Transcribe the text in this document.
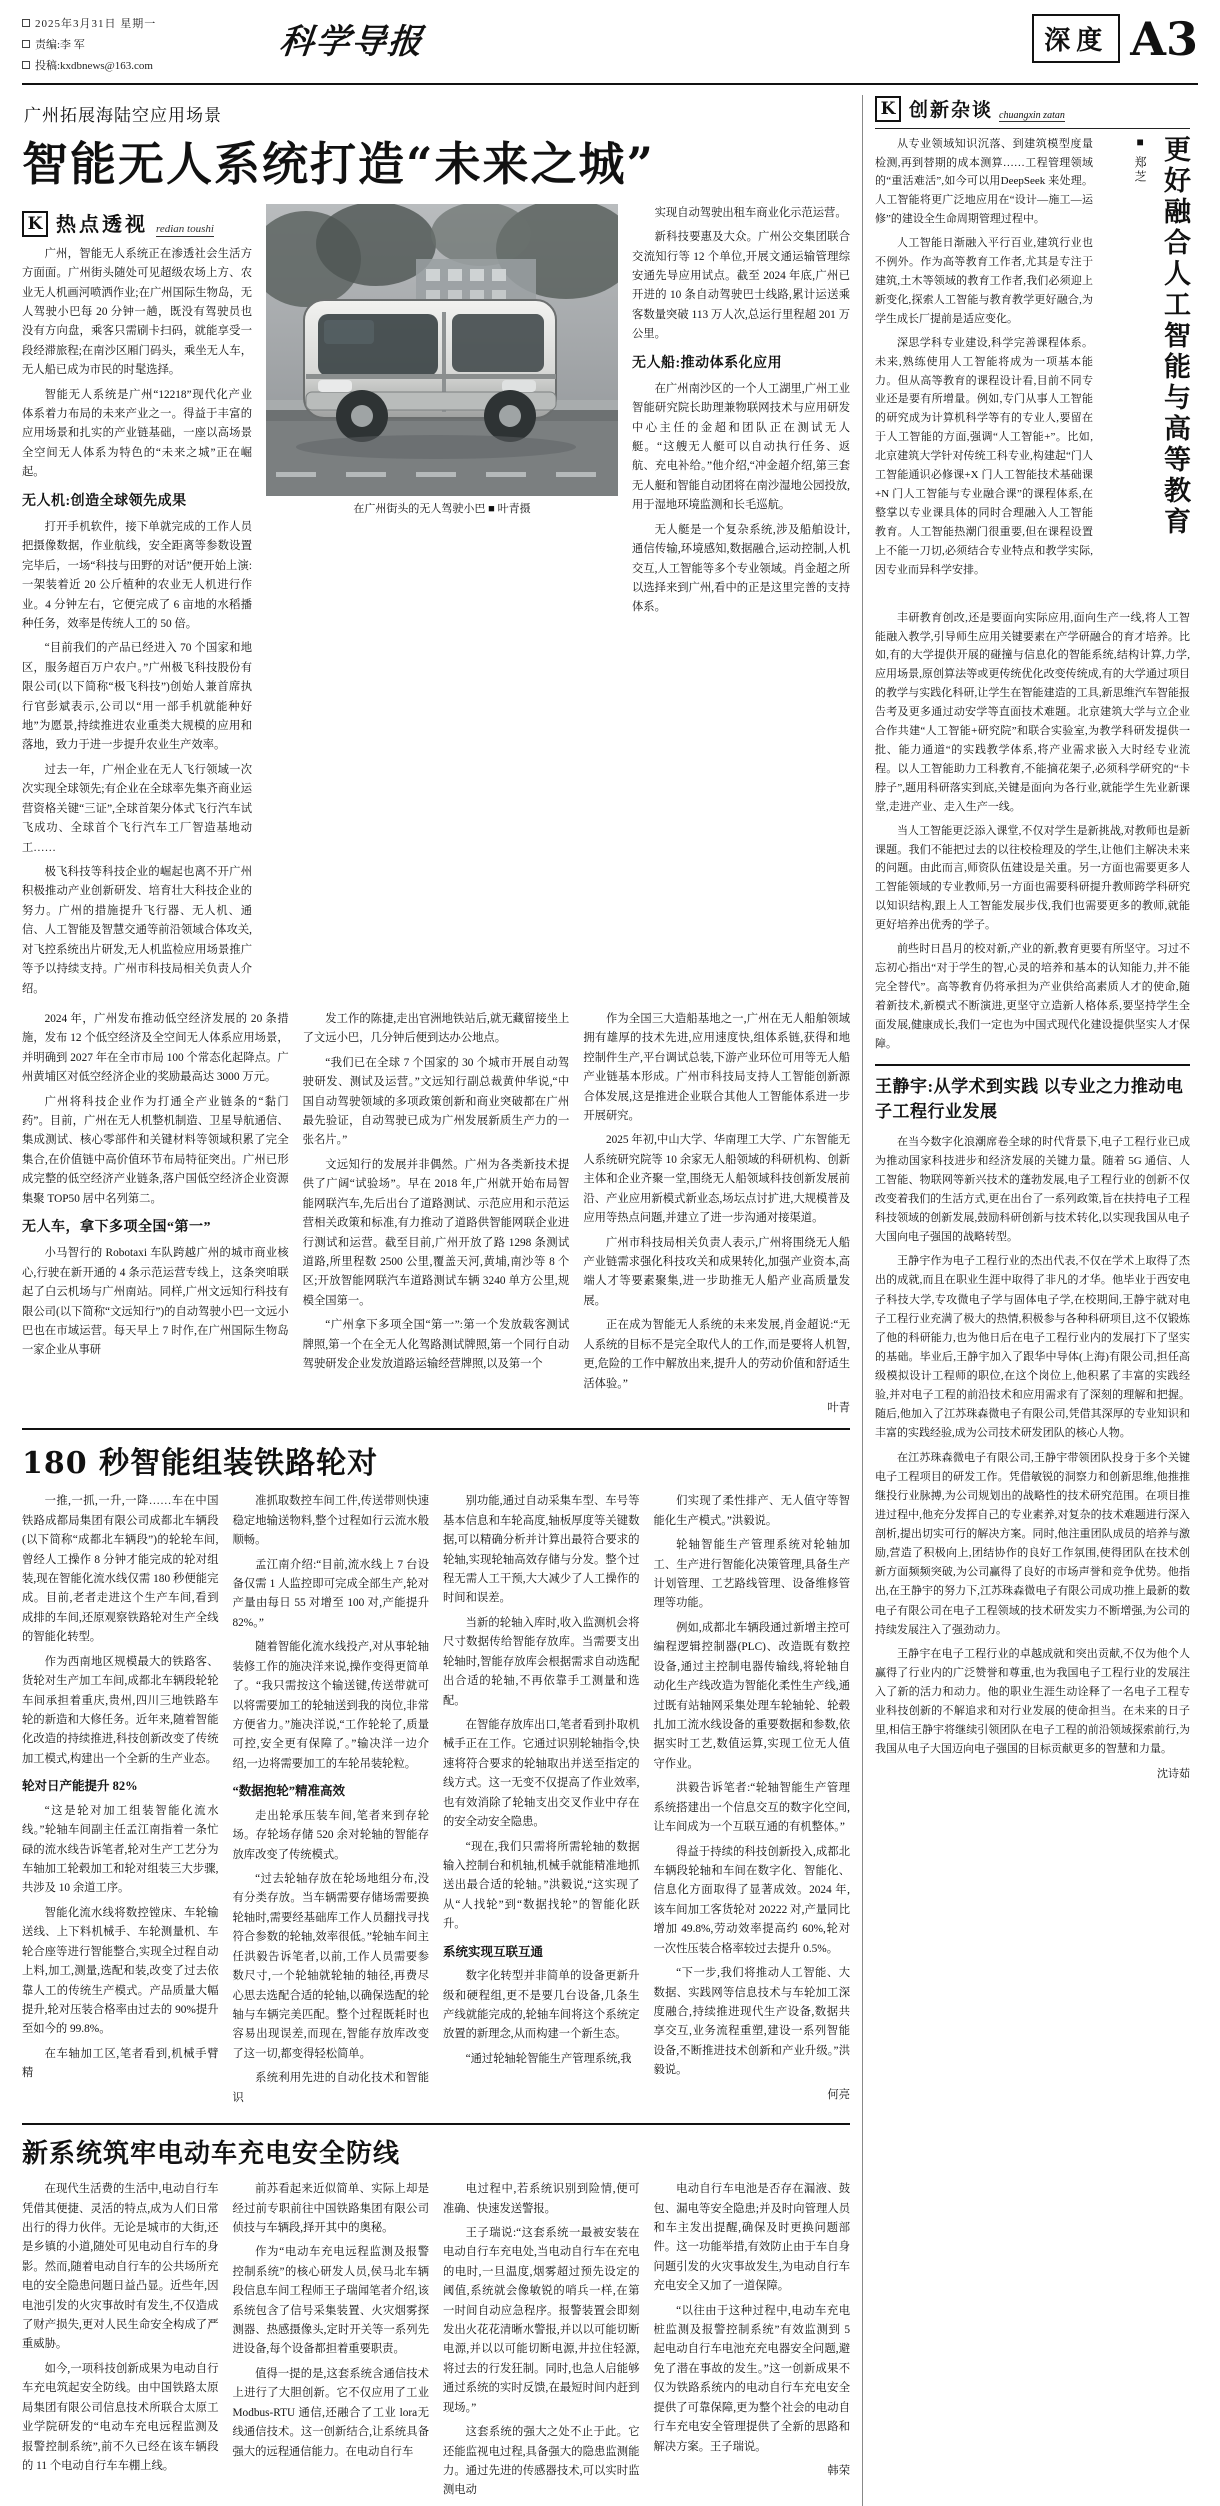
2025年3月31日 星期一
责编:李 军
投稿:kxdbnews@163.com
科学导报	深度 A3
广州拓展海陆空应用场景
智能无人系统打造“未来之城”
K 热点透视 redian toushi

广州，智能无人系统正在渗透社会生活方方面面。广州街头随处可见超级农场上方、农业无人机画河喷洒作业;在广州国际生物岛，无人驾驶小巴每 20 分钟一趟，既没有驾驶员也没有方向盘，乘客只需刷卡扫码，就能享受一段经滞旅程;在南沙区厢门码头，乘坐无人车，无人船已成为市民的时髦选择。

智能无人系统是广州“12218”现代化产业体系着力布局的未来产业之一。得益于丰富的应用场景和扎实的产业链基础，一座以高场景全空间无人体系为特色的“未来之城”正在崛起。

无人机:创造全球领先成果

打开手机软件，接下单就完成的工作人员把摄像数据，作业航线，安全距离等参数设置完毕后，一场“科技与田野的对话”便开始上演:一架装着近 20 公斤植种的农业无人机进行作业。4 分钟左右，它便完成了 6 亩地的水稻播种任务，效率是传统人工的 50 倍。

“目前我们的产品已经进入 70 个国家和地区，服务超百万户农户。”广州极飞科技股份有限公司(以下简称“极飞科技”)创始人兼首席执行官彭斌表示,公司以“用一部手机就能种好地”为愿景,持续推进农业重类大规模的应用和落地，致力于进一步提升农业生产效率。

过去一年，广州企业在无人飞行领域一次次实现全球领先;有企业在全球率先集齐商业运营资格关键“三证”,全球首架分体式飞行汽车试飞成功、全球首个飞行汽车工厂智造基地动工……

极飞科技等科技企业的崛起也离不开广州积极推动产业创新研发、培育壮大科技企业的努力。广州的措施提升飞行器、无人机、通信、人工智能及智慧交通等前沿领域合体攻关,对飞控系统出片研发,无人机监检应用场景推广等予以持续支持。广州市科技局相关负责人介绍。

在广州街头的无人驾驶小巴 ■ 叶青摄

实现自动驾驶出租车商业化示范运营。

新科技要惠及大众。广州公交集团联合交流知行等 12 个单位,开展文通运输管理综安通先导应用试点。截至 2024 年底,广州已开进的 10 条自动驾驶巴士线路,累计运送乘客数量突破 113 万人次,总运行里程超 201 万公里。

无人船:推动体系化应用

在广州南沙区的一个人工湖里,广州工业智能研究院长助理兼物联网技术与应用研发中心主任的金超和团队正在测试无人艇。“这艘无人艇可以自动执行任务、返航、充电补给。”他介绍,“冲金超介绍,第三套无人艇和智能自动团将在南沙湿地公园投放,用于湿地环境监测和长毛巡航。

无人艇是一个复杂系统,涉及船舶设计,通信传输,环境感知,数据融合,运动控制,人机交互,人工智能等多个专业领域。肖金超之所以选择来到广州,看中的正是这里完善的支持体系。

2024 年，广州发布推动低空经济发展的 20 条措施，发布 12 个低空经济及全空间无人体系应用场景，并明确到 2027 年在全市市局 100 个常态化起降点。广州黄埔区对低空经济企业的奖励最高达 3000 万元。

广州将科技企业作为打通全产业链条的“黏门药”。目前，广州在无人机整机制造、卫星导航通信、集成测试、核心零部件和关键材料等领域积累了完全集合,在价值链中高价值环节布局特征突出。广州已形成完整的低空经济产业链条,落户国低空经济企业资源集聚 TOP50 居中名列第二。

无人车，拿下多项全国“第一”

小马智行的 Robotaxi 车队跨越广州的城市商业核心,行驶在新开通的 4 条示范运营专线上，这条突咱联起了白云机场与广州南站。同样,广州文远知行科技有限公司(以下简称“文远知行”)的自动驾驶小巴一文远小巴也在市域运营。每天早上 7 时作,在广州国际生物岛一家企业从事研

发工作的陈捷,走出官洲地铁站后,就无藏留接坐上了文远小巴，几分钟后便到达办公地点。

“我们已在全球 7 个国家的 30 个城市开展自动驾驶研发、测试及运营。”文远知行副总裁黄仲华说,“中国自动驾驶领域的多项政策创新和商业突破都在广州最先验证，自动驾驶已成为广州发展新质生产力的一张名片。”

文远知行的发展并非偶然。广州为各类新技术提供了广阔“试验场”。早在 2018 年,广州就开始布局智能网联汽车,先后出台了道路测试、示范应用和示范运营相关政策和标准,有力推动了道路供智能网联企业进行测试和运营。截至目前,广州开放了路 1298 条测试道路,所里程数 2500 公里,覆盖天河,黄埔,南沙等 8 个区;开放智能网联汽车道路测试车辆 3240 单方公里,规模全国第一。

“广州拿下多项全国“第一”:第一个发放载客测试牌照,第一个在全无人化驾路测试牌照,第一个同行自动驾驶研发企业发放道路运输经营牌照,以及第一个

作为全国三大造船基地之一,广州在无人船舶领域拥有雄厚的技术先进,应用速度快,组体系链,获得和地控制件生产,平台调试总装,下游产业环位可用等无人船产业链基本形成。广州市科技局支持人工智能创新源合体发展,这是推进企业联合其他人工智能体系进一步开展研究。

2025 年初,中山大学、华南理工大学、广东智能无人系统研究院等 10 余家无人船领域的科研机构、创新主体和企业齐聚一堂,围绕无人船领域科技创新发展前沿、产业应用新模式新业态,场坛点讨扩进,大规模普及应用等热点问题,并建立了进一步沟通对接渠道。

广州市科技局相关负责人表示,广州将围绕无人船产业链需求强化科技攻关和成果转化,加强产业资本,高端人才等要素聚集,进一步助推无人船产业高质量发展。

正在成为智能无人系统的未来发展,肖金超说:“无人系统的目标不是完全取代人的工作,而是要将人机智,更,危险的工作中解放出来,提升人的劳动价值和舒适生活体验。”

叶青
180 秒智能组装铁路轮对

一推,一抓,一升,一降……车在中国铁路成都局集团有限公司成都北车辆段(以下简称“成都北车辆段”)的轮轮车间,曾经人工操作 8 分钟才能完成的轮对组装,现在智能化流水线仅需 180 秒便能完成。目前,老者走进这个生产车间,看到成排的车间,还原观察铁路轮对生产全线的智能化转型。

作为西南地区规模最大的铁路客、货轮对生产加工车间,成都北车辆段轮轮车间承担着重庆,贵州,四川三地铁路车轮的新造和大修任务。近年来,随着智能化改造的持续推进,科技创新改变了传统加工模式,构建出一个全新的生产业态。

轮对日产能提升 82%

“这是轮对加工组装智能化流水线。”轮轴车间副主任孟江南指着一条忙碌的流水线告诉笔者,轮对生产工艺分为车轴加工轮毂加工和轮对组装三大步骤,共涉及 10 余道工序。

智能化流水线将数控镗床、车轮输送线、上下料机械手、车轮测量机、车轮合座等进行智能整合,实现全过程自动上料,加工,测量,选配和装,改变了过去依靠人工的传统生产模式。产品质量大幅提升,轮对压装合格率由过去的 90%提升至如今的 99.8%。

在车轴加工区,笔者看到,机械手臂精

准抓取数控车间工件,传送带则快速稳定地输送物料,整个过程如行云流水般顺畅。

孟江南介绍:“目前,流水线上 7 台设备仅需 1 人监控即可完成全部生产,轮对产量由每日 55 对增至 100 对,产能提升 82%。”

随着智能化流水线投产,对从事轮轴装修工作的施决洋来说,操作变得更简单了。“我只需按这个输送键,传送带就可以将需要加工的轮轴送到我的岗位,非常方便省力。”施决洋说,“工作轮轮了,质量可控,安全更有保障了。”输决洋一边介绍,一边将需要加工的车轮吊装轮粒。

“数据抱轮”精准高效

走出轮承压装车间,笔者来到存轮场。存轮场存储 520 余对轮轴的智能存放库改变了传统模式。

“过去轮轴存放在轮场地组分布,没有分类存放。当车辆需要存储场需要换轮轴时,需要经基础库工作人员翻找寻找符合参数的轮轴,效率很低。”轮轴车间主任洪毅告诉笔者,以前,工作人员需要参数尺寸,一个轮轴就轮轴的轴径,再费尽心思去选配合适的轮轴,以确保选配的轮轴与车辆完美匹配。整个过程既耗时也容易出现误差,而现在,智能存放库改变了这一切,都变得轻松简单。

系统利用先进的自动化技术和智能识

别功能,通过自动采集车型、车号等基本信息和车轮高度,轴板厚度等关键数据,可以精确分析并计算出最符合要求的轮轴,实现轮轴高效存储与分发。整个过程无需人工干预,大大减少了人工操作的时间和误差。

当新的轮轴入库时,收入监测机会将尺寸数据传给智能存放库。当需要支出轮轴时,智能存放库会根据需求自动选配出合适的轮轴,不再依靠手工测量和选配。

在智能存放库出口,笔者看到扑取机械手正在工作。它通过识别轮轴指令,快速将符合要求的轮轴取出并送至指定的线方式。这一无变不仅提高了作业效率,也有效消除了轮轴支出交叉作业中存在的安全动安全隐患。

“现在,我们只需将所需轮轴的数据输入控制台和机轴,机械手就能精准地抓送出最合适的轮轴。”洪毅说,“这实现了从“人找轮”到“数据找轮”的智能化跃升。

系统实现互联互通

数字化转型并非简单的设备更新升级和硬程组,更不是要几台设备,几条生产线就能完成的,轮轴车间将这个系统定放置的新理念,从而构建一个新生态。

“通过轮轴轮智能生产管理系统,我

们实现了柔性排产、无人值守等智能化生产模式。”洪毅说。

轮轴智能生产管理系统对轮轴加工、生产进行智能化决策管理,具备生产计划管理、工艺路线管理、设备维修管理等功能。

例如,成都北车辆段通过新增主控可编程逻辑控制器(PLC)、改造既有数控设备,通过主控制电器传输线,将轮轴自动化生产线改造为智能化柔性生产线,通过既有站轴网采集处理车轮轴轮、轮毂扎加工流水线设备的重要数据和参数,依据实时工艺,数值运算,实现工位无人值守作业。

洪毅告诉笔者:“轮轴智能生产管理系统搭建出一个信息交互的数字化空间,让车间成为一个互联互通的有机整体。”

得益于持续的科技创新投入,成都北车辆段轮轴和车间在数字化、智能化、信息化方面取得了显著成效。2024 年,该车间加工客货轮对 20222 对,产量同比增加 49.8%,劳动效率提高约 60%,轮对一次性压装合格率较过去提升 0.5%。

“下一步,我们将推动人工智能、大数据、实践网等信息技术与车轮加工深度融合,持续推进现代生产设备,数据共享交互,业务流程重塑,建设一系列智能设备,不断推进技术创新和产业升级。”洪毅说。

何亮
新系统筑牢电动车充电安全防线

在现代生活费的生活中,电动自行车凭借其便捷、灵活的特点,成为人们日常出行的得力伙伴。无论是城市的大街,还是乡镇的小道,随处可见电动自行车的身影。然而,随着电动自行车的公共场所充电的安全隐患问题日益凸显。近些年,因电池引发的火灾事故时有发生,不仅造成了财产损失,更对人民生命安全构成了严重威胁。

如今,一项科技创新成果为电动自行车充电筑起安全防线。由中国铁路太原局集团有限公司信息技术所联合太原工业学院研发的“电动车充电远程监测及报警控制系统”,前不久已经在该车辆段的 11 个电动自行车车棚上线。

前苏看起来近似简单、实际上却是经过前专职前往中国铁路集团有限公司侦技与车辆段,择开其中的奥秘。

作为“电动车充电远程监测及报警控制系统”的核心研发人员,侯马北车辆段信息车间工程师王子瑞闻笔者介绍,该系统包含了信号采集装置、火灾烟雾探测器、热感摄像头,定时开关等一系列先进设备,每个设备都担着重要职责。

值得一提的是,这套系统含通信技术上进行了大胆创新。它不仅应用了工业Modbus-RTU 通信,还融合了工业 lora无线通信技术。这一创新结合,让系统具备强大的远程通信能力。在电动自行车

电过程中,若系统识别到险情,便可准确、快速发送警报。

王子瑞说:“这套系统一最被安装在电动自行车充电处,当电动自行车在充电的电时,一旦温度,烟雾超过预先设定的阈值,系统就会像敏锐的哨兵一样,在第一时间自动应急程序。报警装置会即刻发出火花花清晰水警报,并以以可能切断电源,并以以可能切断电源,井拉住轻源,将过去的行发狂制。同时,也急人启能够通过系统的实时反馈,在最短时间内赶到现场。”

这套系统的强大之处不止于此。它还能监视电过程,具备强大的隐患监测能力。通过先进的传感器技术,可以实时监测电动

电动自行车电池是否存在漏液、鼓包、漏电等安全隐患;并及时向管理人员和车主发出提醒,确保及时更换问题部件。这一功能举措,有效防止由于车自身问题引发的火灾事故发生,为电动自行车充电安全又加了一道保障。

“以往由于这种过程中,电动车充电桩监测及报警控制系统”有效监测到 5 起电动自行车电池充充电器安全问题,避免了潜在事故的发生。”这一创新成果不仅为铁路系统内的电动自行车充电安全提供了可靠保障,更为整个社会的电动自行车充电安全管理提供了全新的思路和解决方案。王子瑞说。

韩荣
K 创新杂谈 chuangxin zatan

从专业领域知识沉落、到建筑模型度量检测,再到替期的成本测算……工程管理领域的“重活难活”,如今可以用DeepSeek 来处理。人工智能将更广泛地应用在“设计—施工—运修”的建设全生命周期管理过程中。

人工智能日渐融入平行百业,建筑行业也不例外。作为高等教育工作者,尤其是专注于建筑,土木等领域的教育工作者,我们必须迎上新变化,探索人工智能与教育教学更好融合,为学生成长厂提前是适应变化。

深思学科专业建设,科学完善课程体系。未来,熟练使用人工智能将成为一项基本能力。但从高等教育的课程设计看,目前不同专业还是要有所增量。例如,专门从事人工智能的研究成为计算机科学等有的专业人,要留在于人工智能的方面,强调“人工智能+”。比如,北京建筑大学针对传统工科专业,构建起“门人工智能通识必修课+X 门人工智能技术基础课+N 门人工智能与专业融合课”的课程体系,在整掌以专业课具体的同时合理融入人工智能教育。人工智能热潮门很重要,但在课程设置上不能一刀切,必须结合专业特点和教学实际,因专业而异科学安排。

■ 郑芝 更好融合人工智能与高等教育

丰研教育创改,还是要面向实际应用,面向生产一线,将人工智能融入教学,引导师生应用关键要素在产学研融合的育才培养。比如,有的大学提供开展的碰撞与信息化的智能系统,结构计算,力学,应用场景,原创算法等或更传统优化改变传统成,有的大学通过项目的教学与实践化科研,让学生在智能建造的工具,新思维汽车智能报告考及更多通过动安学等直面技术难题。北京建筑大学与立企业合作共建“人工智能+研究院”和联合实验室,为教学科研发提供一批、能力通道“的实践教学体系,将产业需求嵌入大时经专业流程。以人工智能助力工科教育,不能摘花架子,必须科学研究的“卡脖子”,题用科研落实到底,关键是面向为各行业,就能学生先业新课堂,走进产业、走入生产一线。

当人工智能更泛添入课堂,不仅对学生是新挑战,对教师也是新课题。我们不能把过去的以往校检理及的学生,让他们主解决未来的问题。由此而言,师资队伍建设是关重。另一方面也需要更多人工智能领域的专业教师,另一方面也需要科研提升教师跨学科研究以知识结构,跟上人工智能发展步伐,我们也需要更多的教师,就能更好培养出优秀的学子。

前些时日昌月的校对新,产业的新,教育更要有所坚守。习过不忘初心指出“对于学生的智,心灵的培养和基本的认知能力,并不能完全替代”。高等教育仍将承担为产业供给高素质人才的使命,随着新技术,新模式不断演进,更坚守立造新人格体系,要坚持学生全面发展,健康成长,我们一定也为中国式现代化建设提供坚实人才保障。

王静宇:从学术到实践 以专业之力推动电子工程行业发展

在当今数字化浪潮席卷全球的时代背景下,电子工程行业已成为推动国家科技进步和经济发展的关键力量。随着 5G 通信、人工智能、物联网等新兴技术的蓬勃发展,电子工程行业的创新不仅改变着我们的生活方式,更在出台了一系列政策,旨在扶持电子工程科技领域的创新发展,鼓励科研创新与技术转化,以实现我国从电子大国向电子强国的战略转型。

王静宇作为电子工程行业的杰出代表,不仅在学术上取得了杰出的成就,而且在职业生涯中取得了非凡的才华。他毕业于西安电子科技大学,专攻微电子学与固体电子学,在校期间,王静宇就对电子工程行业充满了极大的热情,积极参与各种科研项目,这不仅锻炼了他的科研能力,也为他日后在电子工程行业内的发展打下了坚实的基础。毕业后,王静宇加入了跟华中导体(上海)有限公司,担任高级模拟设计工程师的职位,在这个岗位上,他积累了丰富的实践经验,并对电子工程的前沿技术和应用需求有了深刻的理解和把握。随后,他加入了江苏珠森微电子有限公司,凭借其深厚的专业知识和丰富的实践经验,成为公司技术研发团队的核心人物。

在江苏珠森微电子有限公司,王静宇带领团队投身于多个关键电子工程项目的研发工作。凭借敏锐的洞察力和创新思维,他推推继投行业脉搏,为公司规划出的战略性的技术研究范围。在项目推进过程中,他充分发挥自己的专业素养,对复杂的技术难题进行深入剖析,提出切实可行的解决方案。同时,他注重团队成员的培养与激励,营造了积极向上,团结协作的良好工作氛围,使得团队在技术创新方面频频突破,为公司赢得了良好的市场声誉和竞争优势。他指出,在王静宇的努力下,江苏珠森微电子有限公司成功推上最新的数电子有限公司在电子工程领域的技术研发实力不断增强,为公司的持续发展注入了强劲动力。

王静宇在电子工程行业的卓越成就和突出贡献,不仅为他个人赢得了行业内的广泛赞誉和尊重,也为我国电子工程行业的发展注入了新的活力和动力。他的职业生涯生动诠释了一名电子工程专业科技创新的不解追求和对行业发展的使命担当。在未来的日子里,相信王静宇将继续引领团队在电子工程的前沿领域探索前行,为我国从电子大国迈向电子强国的目标贡献更多的智慧和力量。

沈诗茹
